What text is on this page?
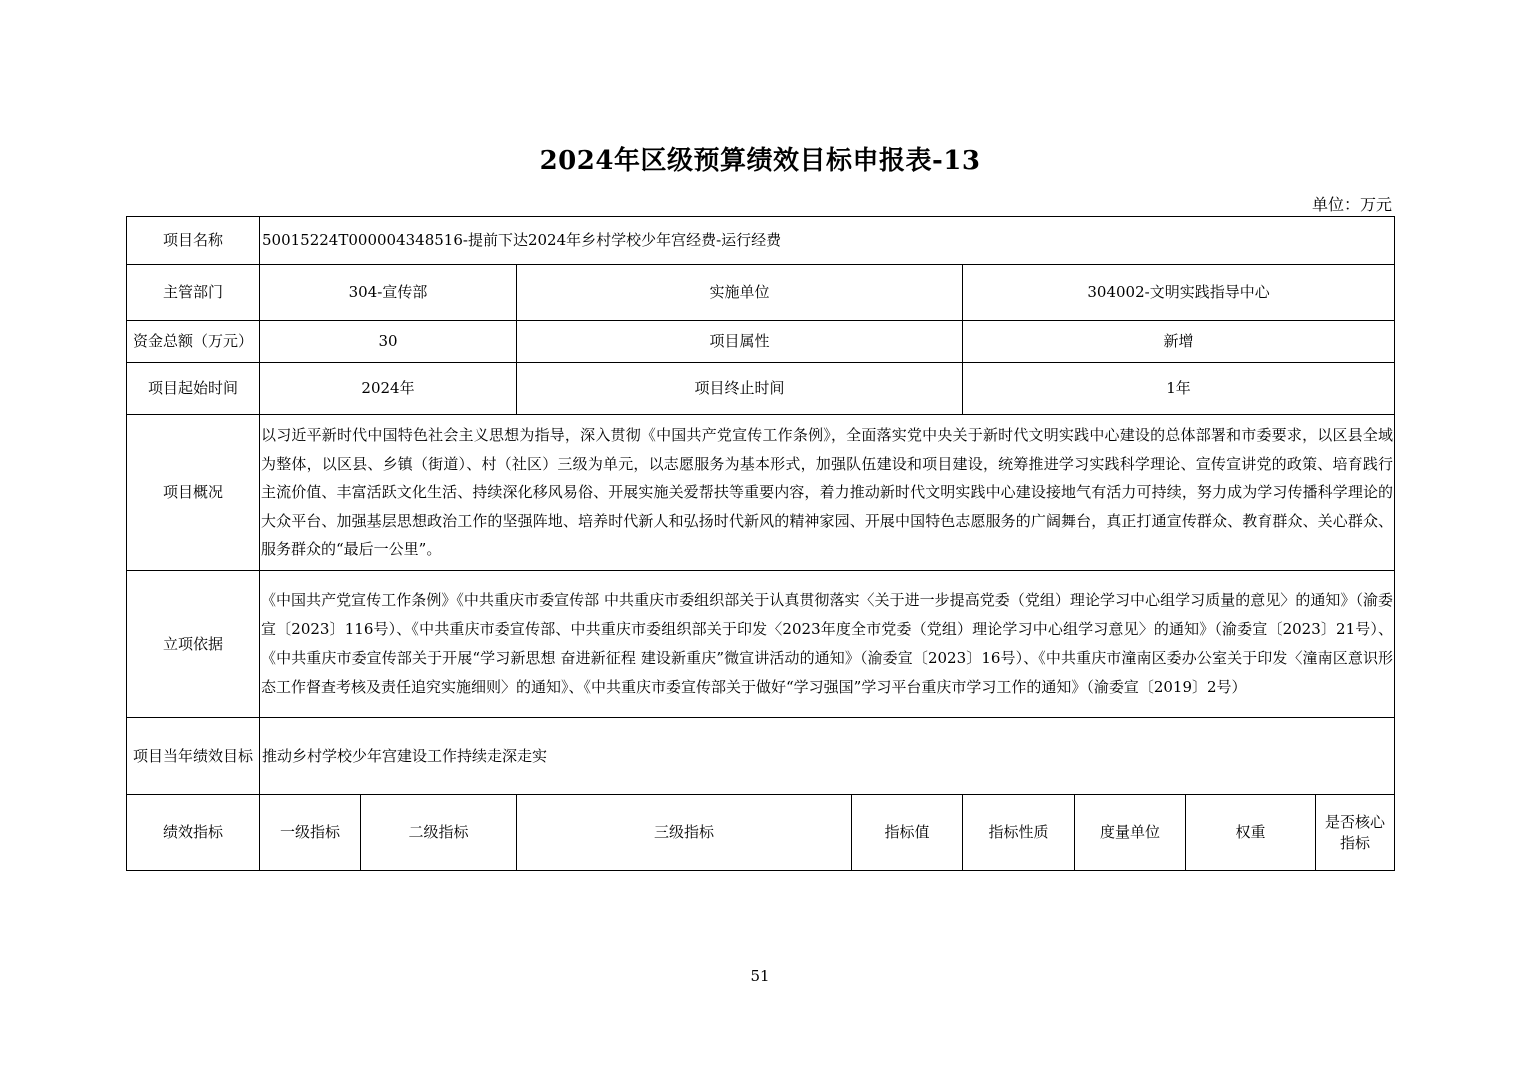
2024年区级预算绩效目标申报表-13
单位：万元
项目名称	50015224T000004348516-提前下达2024年乡村学校少年宫经费-运行经费							
主管部门	304-宣传部		实施单位		304002-文明实践指导中心			
资金总额（万元）	30		项目属性		新增			
项目起始时间	2024年		项目终止时间		1年			
项目概况	以习近平新时代中国特色社会主义思想为指导，深入贯彻《中国共产党宣传工作条例》，全面落实党中央关于新时代文明实践中心建设的总体部署和市委要求，以区县全域为整体，以区县、乡镇（街道）、村（社区）三级为单元，以志愿服务为基本形式，加强队伍建设和项目建设，统筹推进学习实践科学理论、宣传宣讲党的政策、培育践行主流价值、丰富活跃文化生活、持续深化移风易俗、开展实施关爱帮扶等重要内容，着力推动新时代文明实践中心建设接地气有活力可持续，努力成为学习传播科学理论的大众平台、加强基层思想政治工作的坚强阵地、培养时代新人和弘扬时代新风的精神家园、开展中国特色志愿服务的广阔舞台，真正打通宣传群众、教育群众、关心群众、服务群众的“最后一公里”。							
立项依据	《中国共产党宣传工作条例》《中共重庆市委宣传部 中共重庆市委组织部关于认真贯彻落实〈关于进一步提高党委（党组）理论学习中心组学习质量的意见〉的通知》（渝委宣〔2023〕116号）、《中共重庆市委宣传部、中共重庆市委组织部关于印发〈2023年度全市党委（党组）理论学习中心组学习意见〉的通知》（渝委宣〔2023〕21号）、《中共重庆市委宣传部关于开展“学习新思想 奋进新征程 建设新重庆”微宣讲活动的通知》（渝委宣〔2023〕16号）、《中共重庆市潼南区委办公室关于印发〈潼南区意识形态工作督查考核及责任追究实施细则〉的通知》、《中共重庆市委宣传部关于做好“学习强国”学习平台重庆市学习工作的通知》（渝委宣〔2019〕2号）							
项目当年绩效目标	推动乡村学校少年宫建设工作持续走深走实							
绩效指标	一级指标	二级指标	三级指标	指标值	指标性质	度量单位	权重	是否核心指标
51
